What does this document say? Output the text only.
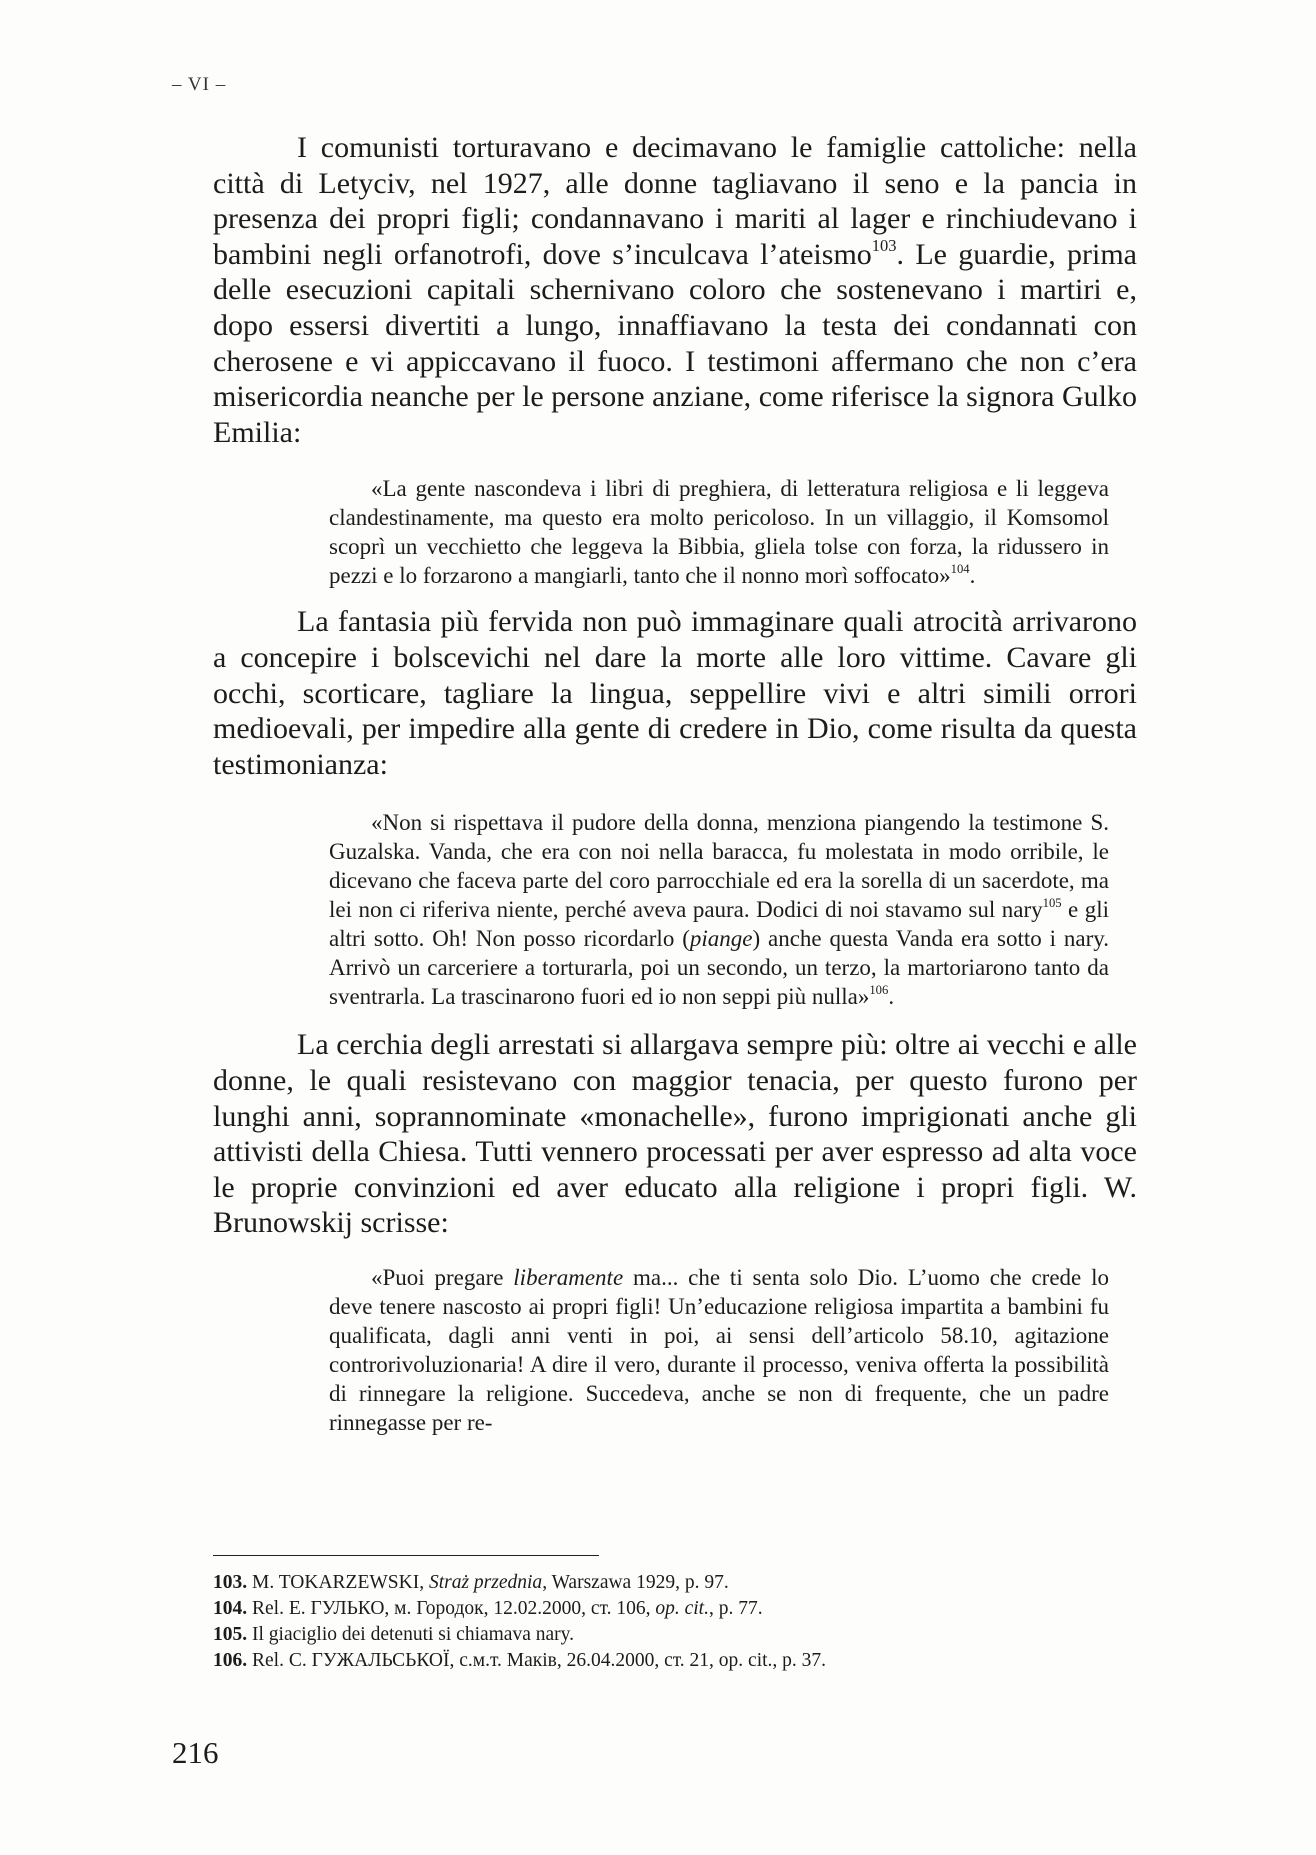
– VI –

I comunisti torturavano e decimavano le famiglie cattoliche: nella città di Letyciv, nel 1927, alle donne tagliavano il seno e la pancia in presenza dei propri figli; condannavano i mariti al lager e rinchiudevano i bambini negli orfanotrofi, dove s’inculcava l’ateismo$^{103}$. Le guardie, prima delle esecuzioni capitali schernivano coloro che sostenevano i martiri e, dopo essersi divertiti a lungo, innaffiavano la testa dei condannati con cherosene e vi appiccavano il fuoco. I testimoni affermano che non c’era misericordia neanche per le persone anziane, come riferisce la signora Gulko Emilia:

«La gente nascondeva i libri di preghiera, di letteratura religiosa e li leggeva clandestinamente, ma questo era molto pericoloso. In un villaggio, il Komsomol scoprì un vecchietto che leggeva la Bibbia, gliela tolse con forza, la ridussero in pezzi e lo forzarono a mangiarli, tanto che il nonno morì soffocato»$^{104}$.

La fantasia più fervida non può immaginare quali atrocità arrivarono a concepire i bolscevichi nel dare la morte alle loro vittime. Cavare gli occhi, scorticare, tagliare la lingua, seppellire vivi e altri simili orrori medioevali, per impedire alla gente di credere in Dio, come risulta da questa testimonianza:

«Non si rispettava il pudore della donna, menziona piangendo la testimone S. Guzalska. Vanda, che era con noi nella baracca, fu molestata in modo orribile, le dicevano che faceva parte del coro parrocchiale ed era la sorella di un sacerdote, ma lei non ci riferiva niente, perché aveva paura. Dodici di noi stavamo sul nary$^{105}$ e gli altri sotto. Oh! Non posso ricordarlo (piange) anche questa Vanda era sotto i nary. Arrivò un carceriere a torturarla, poi un secondo, un terzo, la martoriarono tanto da sventrarla. La trascinarono fuori ed io non seppi più nulla»$^{106}$.

La cerchia degli arrestati si allargava sempre più: oltre ai vecchi e alle donne, le quali resistevano con maggior tenacia, per questo furono per lunghi anni, soprannominate «monachelle», furono imprigionati anche gli attivisti della Chiesa. Tutti vennero processati per aver espresso ad alta voce le proprie convinzioni ed aver educato alla religione i propri figli. W. Brunowskij scrisse:

«Puoi pregare liberamente ma... che ti senta solo Dio. L’uomo che crede lo deve tenere nascosto ai propri figli! Un’educazione religiosa impartita a bambini fu qualificata, dagli anni venti in poi, ai sensi dell’articolo 58.10, agitazione controrivoluzionaria! A dire il vero, durante il processo, veniva offerta la possibilità di rinnegare la religione. Succedeva, anche se non di frequente, che un padre rinnegasse per re-

103. M. TOKARZEWSKI, Straż przednia, Warszawa 1929, p. 97.

104. Rel. E. ГУЛЬКО, м. Городок, 12.02.2000, ст. 106, op. cit., p. 77.

105. Il giaciglio dei detenuti si chiamava nary.

106. Rel. C. ГУЖАЛЬСЬКОЇ, с.м.т. Маків, 26.04.2000, ст. 21, op. cit., p. 37.

216
